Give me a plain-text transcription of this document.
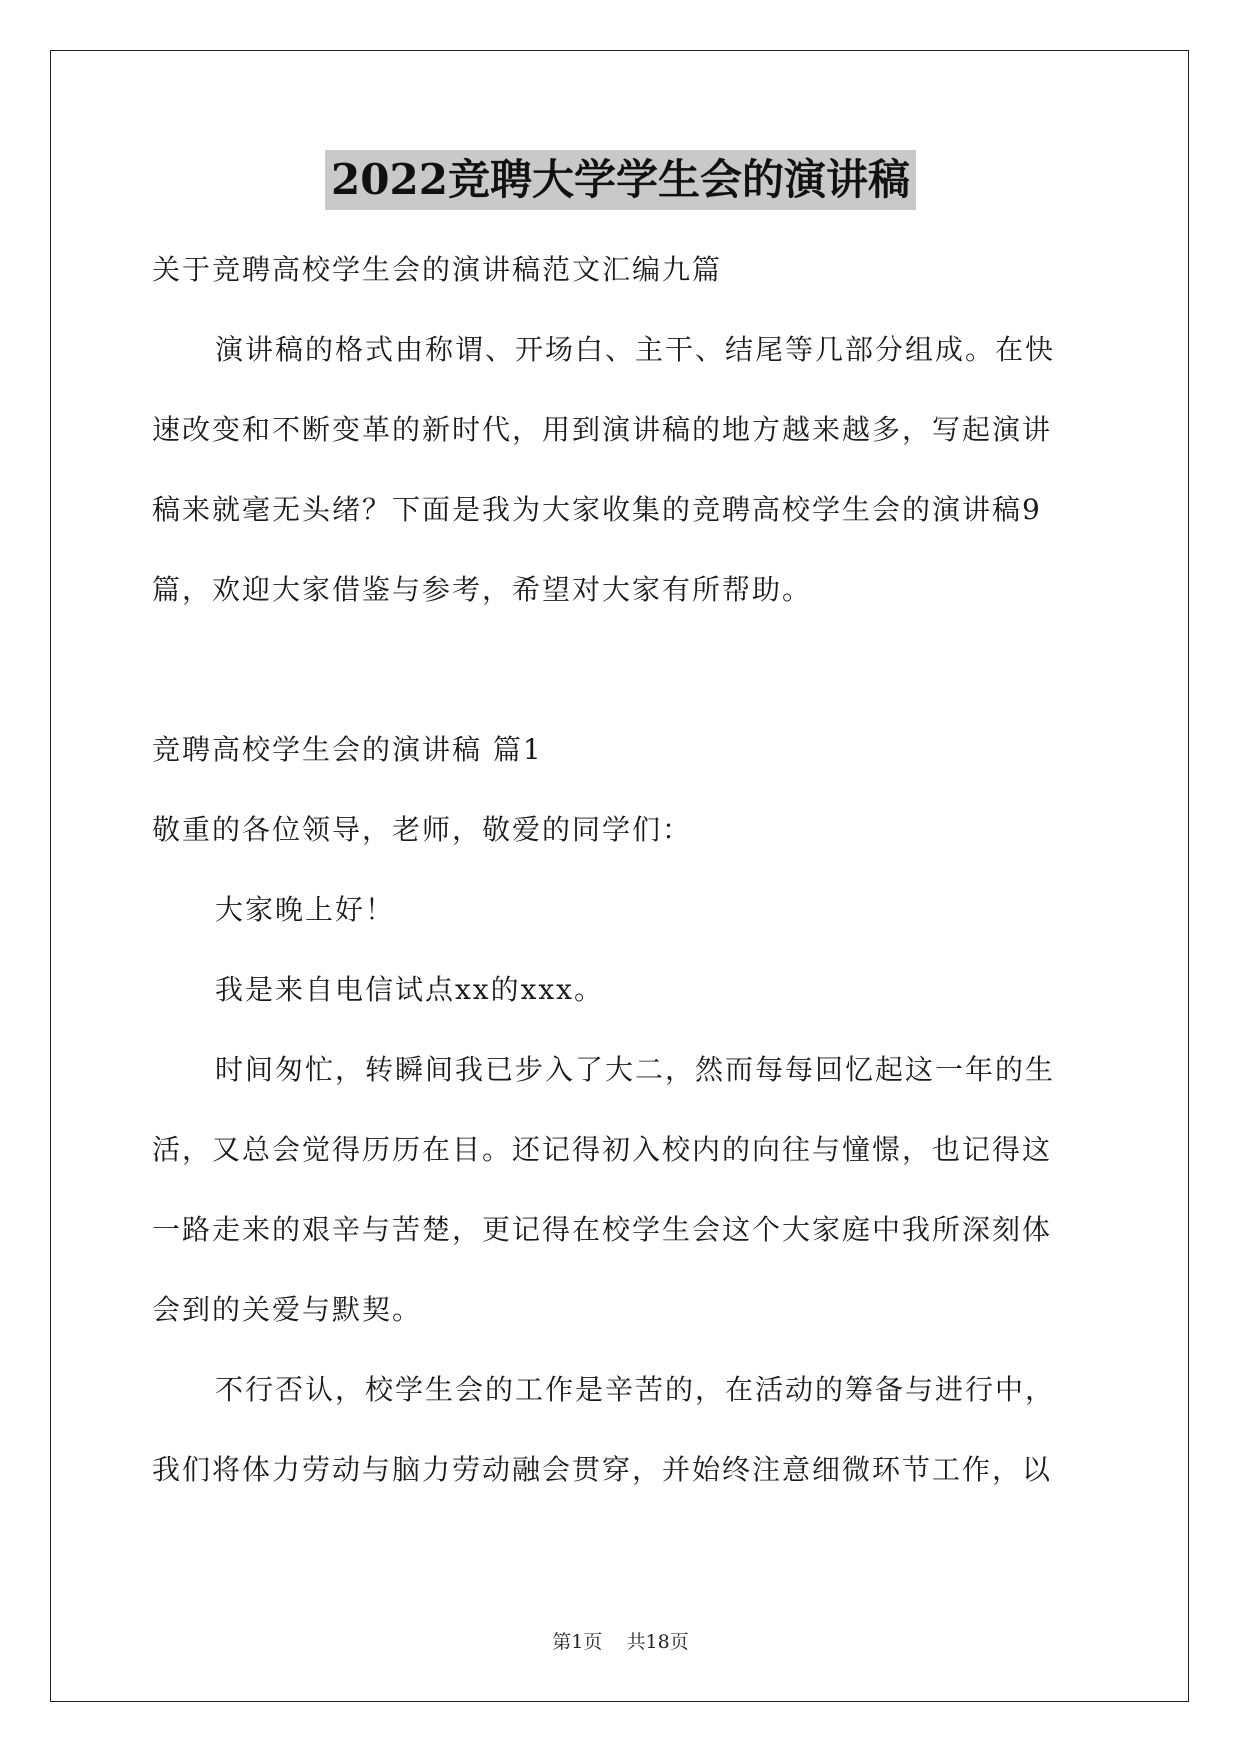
2022竞聘大学学生会的演讲稿
关于竞聘高校学生会的演讲稿范文汇编九篇
演讲稿的格式由称谓、开场白、主干、结尾等几部分组成。在快
速改变和不断变革的新时代，用到演讲稿的地方越来越多，写起演讲
稿来就毫无头绪？下面是我为大家收集的竞聘高校学生会的演讲稿9
篇，欢迎大家借鉴与参考，希望对大家有所帮助。
竞聘高校学生会的演讲稿 篇1
敬重的各位领导，老师，敬爱的同学们：
大家晚上好！
我是来自电信试点xx的xxx。
时间匆忙，转瞬间我已步入了大二，然而每每回忆起这一年的生
活，又总会觉得历历在目。还记得初入校内的向往与憧憬，也记得这
一路走来的艰辛与苦楚，更记得在校学生会这个大家庭中我所深刻体
会到的关爱与默契。
不行否认，校学生会的工作是辛苦的，在活动的筹备与进行中，
我们将体力劳动与脑力劳动融会贯穿，并始终注意细微环节工作，以
第1页 共18页
